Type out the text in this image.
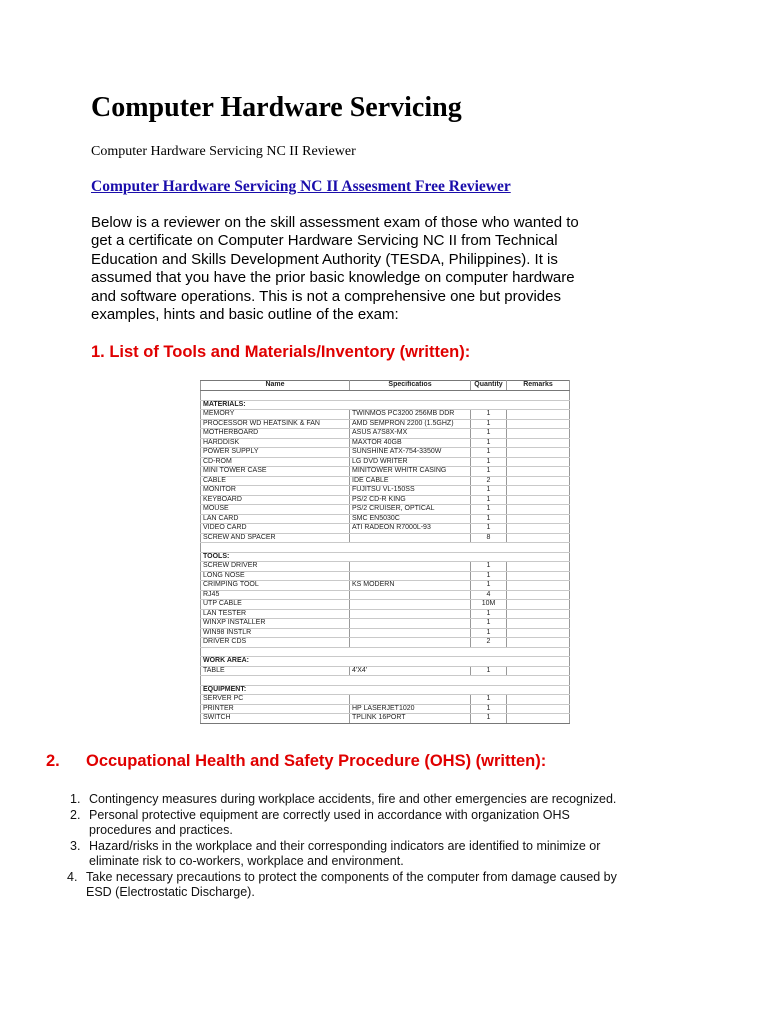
Computer Hardware Servicing
Computer Hardware Servicing NC II Reviewer
Computer Hardware Servicing NC II Assesment Free Reviewer
Below is a reviewer on the skill assessment exam of those who wanted to
get a certificate on Computer Hardware Servicing NC II from Technical
Education and Skills Development Authority (TESDA, Philippines). It is
assumed that you have the prior basic knowledge on computer hardware
and software operations. This is not a comprehensive one but provides
examples, hints and basic outline of the exam:
1. List of Tools and Materials/Inventory (written):
Name	Specificatios	Quantity	Remarks

MATERIALS:			
MEMORY	TWINMOS PC3200 256MB DDR	1	
PROCESSOR WD HEATSINK & FAN	AMD SEMPRON 2200 (1.5GHZ)	1	
MOTHERBOARD	ASUS A7S8X-MX	1	
HARDDISK	MAXTOR 40GB	1	
POWER SUPPLY	SUNSHINE ATX-754-3350W	1	
CD-ROM	LG DVD WRITER	1	
MINI TOWER CASE	MINITOWER WHITR CASING	1	
CABLE	IDE CABLE	2	
MONITOR	FUJITSU VL-150SS	1	
KEYBOARD	PS/2 CD-R KING	1	
MOUSE	PS/2 CRUISER, OPTICAL	1	
LAN CARD	SMC EN5030C	1	
VIDEO CARD	ATI RADEON R7000L-93	1	
SCREW AND SPACER		8	

TOOLS:			
SCREW DRIVER		1	
LONG NOSE		1	
CRIMPING TOOL	KS MODERN	1	
RJ45		4	
UTP CABLE		10M	
LAN TESTER		1	
WINXP INSTALLER		1	
WIN98 INSTLR		1	
DRIVER CDS		2	

WORK AREA:			
TABLE	4'X4'	1	

EQUIPMENT:			
SERVER PC		1	
PRINTER	HP LASERJET1020	1	
SWITCH	TPLINK 16PORT	1	
2. Occupational Health and Safety Procedure (OHS) (written):
1. Contingency measures during workplace accidents, fire and other emergencies are recognized.
2. Personal protective equipment are correctly used in accordance with organization OHS
procedures and practices.
3. Hazard/risks in the workplace and their corresponding indicators are identified to minimize or
eliminate risk to co-workers, workplace and environment.
4. Take necessary precautions to protect the components of the computer from damage caused by
ESD (Electrostatic Discharge).
